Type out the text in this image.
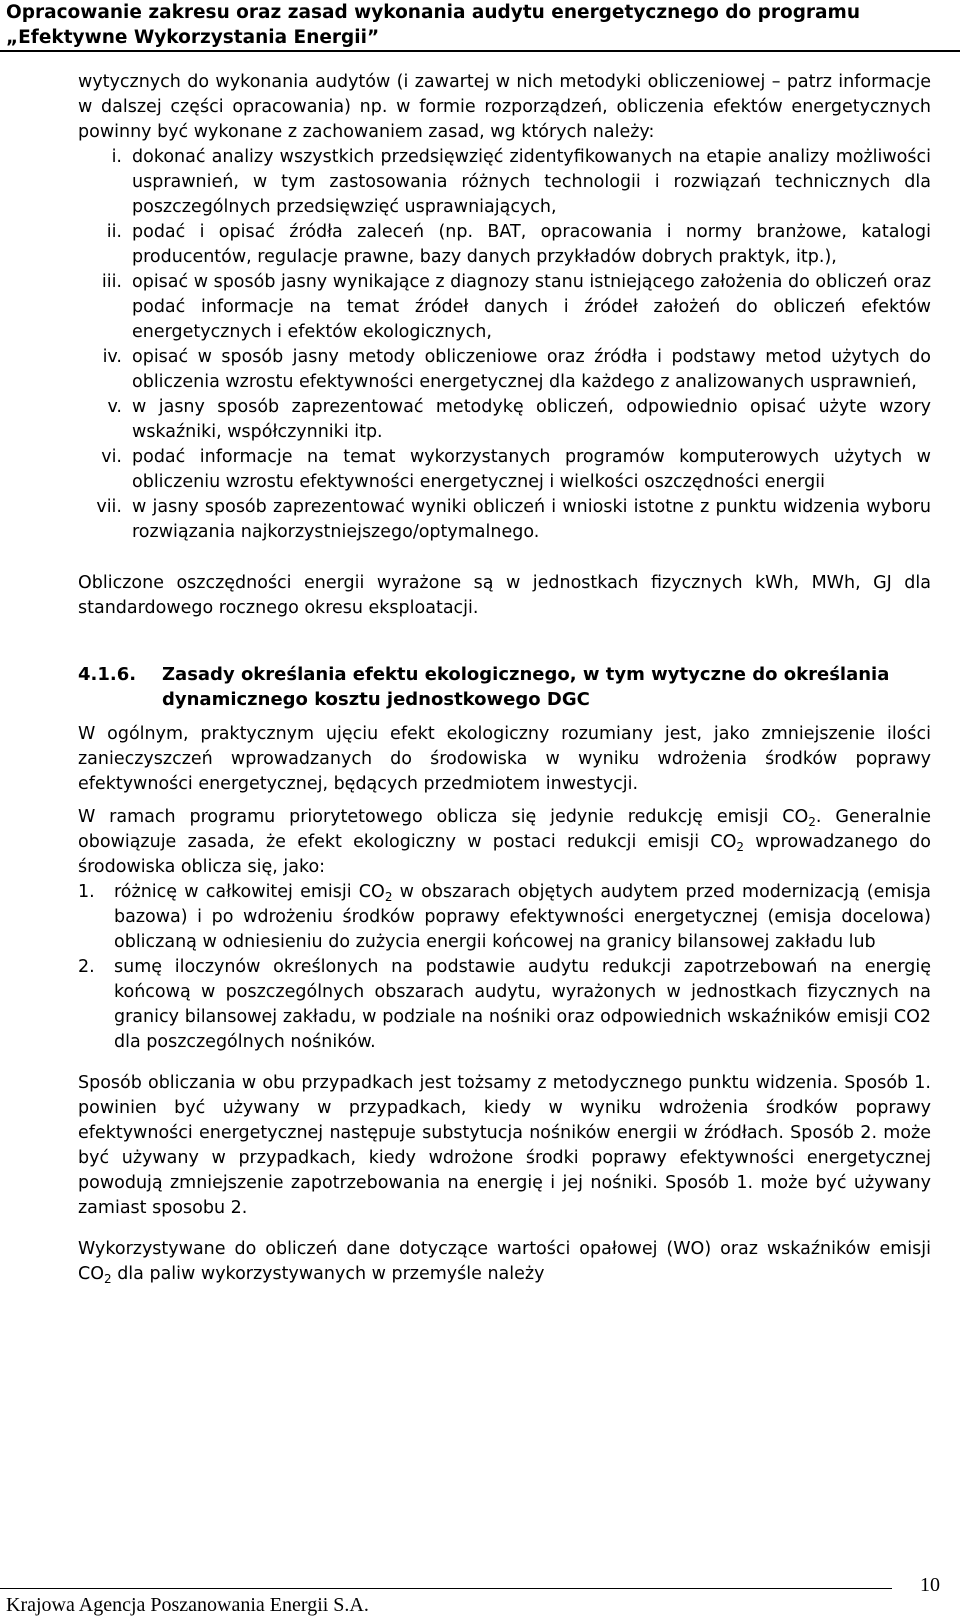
Opracowanie zakresu oraz zasad wykonania audytu energetycznego do programu
„Efektywne Wykorzystania Energii”

wytycznych do wykonania audytów (i zawartej w nich metodyki obliczeniowej – patrz informacje w dalszej części opracowania) np. w formie rozporządzeń, obliczenia efektów energetycznych powinny być wykonane z zachowaniem zasad, wg których należy:

i. dokonać analizy wszystkich przedsięwzięć zidentyfikowanych na etapie analizy możliwości usprawnień, w tym zastosowania różnych technologii i rozwiązań technicznych dla poszczególnych przedsięwzięć usprawniających,
ii. podać i opisać źródła zaleceń (np. BAT, opracowania i normy branżowe, katalogi producentów, regulacje prawne, bazy danych przykładów dobrych praktyk, itp.),
iii. opisać w sposób jasny wynikające z diagnozy stanu istniejącego założenia do obliczeń oraz podać informacje na temat źródeł danych i źródeł założeń do obliczeń efektów energetycznych i efektów ekologicznych,
iv. opisać w sposób jasny metody obliczeniowe oraz źródła i podstawy metod użytych do obliczenia wzrostu efektywności energetycznej dla każdego z analizowanych usprawnień,
v. w jasny sposób zaprezentować metodykę obliczeń, odpowiednio opisać użyte wzory wskaźniki, współczynniki itp.
vi. podać informacje na temat wykorzystanych programów komputerowych użytych w obliczeniu wzrostu efektywności energetycznej i wielkości oszczędności energii
vii. w jasny sposób zaprezentować wyniki obliczeń i wnioski istotne z punktu widzenia wyboru rozwiązania najkorzystniejszego/optymalnego.

Obliczone oszczędności energii wyrażone są w jednostkach fizycznych kWh, MWh, GJ dla standardowego rocznego okresu eksploatacji.

4.1.6. Zasady określania efektu ekologicznego, w tym wytyczne do określania dynamicznego kosztu jednostkowego DGC

W ogólnym, praktycznym ujęciu efekt ekologiczny rozumiany jest, jako zmniejszenie ilości zanieczyszczeń wprowadzanych do środowiska w wyniku wdrożenia środków poprawy efektywności energetycznej, będących przedmiotem inwestycji.

W ramach programu priorytetowego oblicza się jedynie redukcję emisji $CO_2$. Generalnie obowiązuje zasada, że efekt ekologiczny w postaci redukcji emisji $CO_2$ wprowadzanego do środowiska oblicza się, jako:

1. różnicę w całkowitej emisji $CO_2$ w obszarach objętych audytem przed modernizacją (emisja bazowa) i po wdrożeniu środków poprawy efektywności energetycznej (emisja docelowa) obliczaną w odniesieniu do zużycia energii końcowej na granicy bilansowej zakładu lub
2. sumę iloczynów określonych na podstawie audytu redukcji zapotrzebowań na energię końcową w poszczególnych obszarach audytu, wyrażonych w jednostkach fizycznych na granicy bilansowej zakładu, w podziale na nośniki oraz odpowiednich wskaźników emisji CO2 dla poszczególnych nośników.

Sposób obliczania w obu przypadkach jest tożsamy z metodycznego punktu widzenia. Sposób 1. powinien być używany w przypadkach, kiedy w wyniku wdrożenia środków poprawy efektywności energetycznej następuje substytucja nośników energii w źródłach. Sposób 2. może być używany w przypadkach, kiedy wdrożone środki poprawy efektywności energetycznej powodują zmniejszenie zapotrzebowania na energię i jej nośniki. Sposób 1. może być używany zamiast sposobu 2.

Wykorzystywane do obliczeń dane dotyczące wartości opałowej (WO) oraz wskaźników emisji $CO_2$ dla paliw wykorzystywanych w przemyśle należy

Krajowa Agencja Poszanowania Energii S.A.
10
